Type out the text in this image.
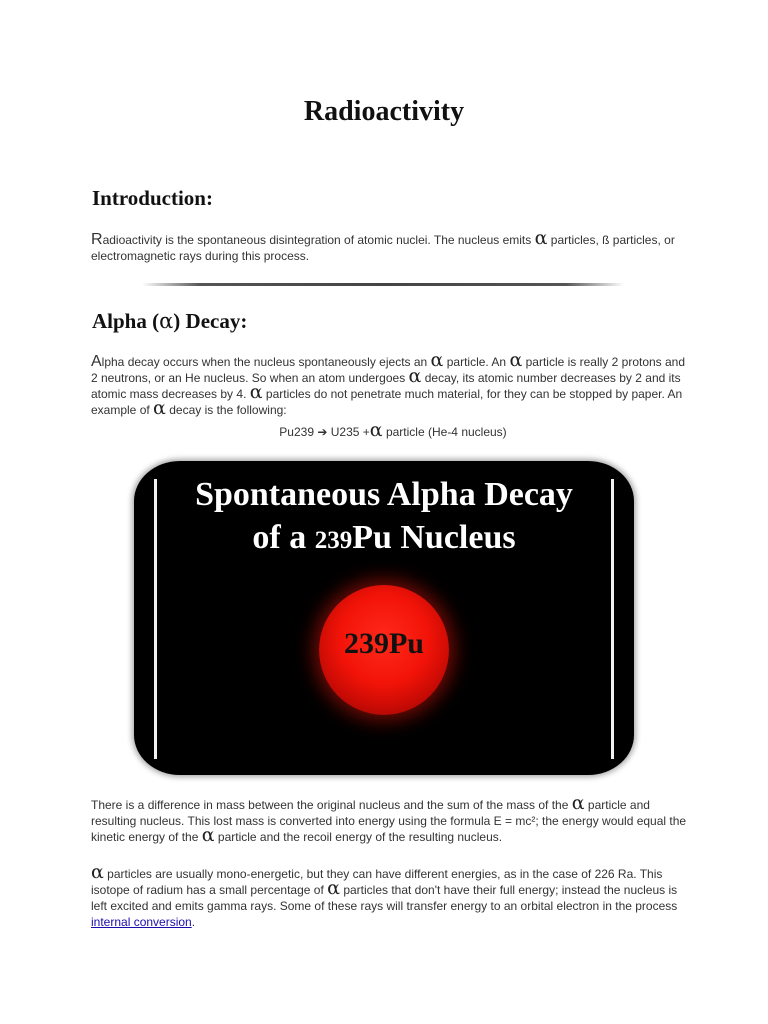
Radioactivity
Introduction:

Radioactivity is the spontaneous disintegration of atomic nuclei. The nucleus emits α particles, ß particles, or electromagnetic rays during this process.

Alpha (α) Decay:

Alpha decay occurs when the nucleus spontaneously ejects an α particle. An α particle is really 2 protons and 2 neutrons, or an He nucleus. So when an atom undergoes α decay, its atomic number decreases by 2 and its atomic mass decreases by 4. α particles do not penetrate much material, for they can be stopped by paper. An example of α decay is the following:

Pu239 ➔ U235 +α particle (He-4 nucleus)
Spontaneous Alpha Decay
of a 239Pu Nucleus
239Pu

There is a difference in mass between the original nucleus and the sum of the mass of the α particle and resulting nucleus. This lost mass is converted into energy using the formula E = mc²; the energy would equal the kinetic energy of the α particle and the recoil energy of the resulting nucleus.

α particles are usually mono-energetic, but they can have different energies, as in the case of 226 Ra. This isotope of radium has a small percentage of α particles that don't have their full energy; instead the nucleus is left excited and emits gamma rays. Some of these rays will transfer energy to an orbital electron in the process internal conversion.
